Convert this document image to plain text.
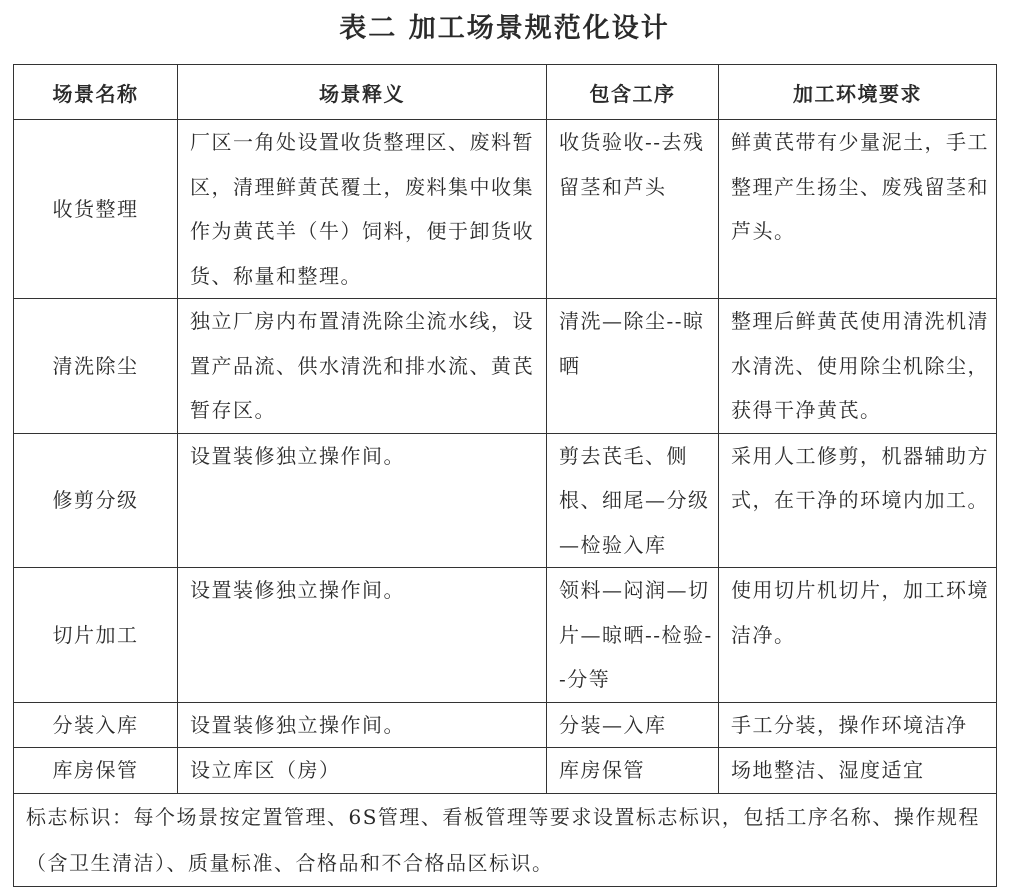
表二 加工场景规范化设计
场景名称	场景释义	包含工序	加工环境要求
收货整理	厂区一角处设置收货整理区、废料暂区，清理鲜黄芪覆土，废料集中收集作为黄芪羊（牛）饲料，便于卸货收货、称量和整理。	收货验收--去残留茎和芦头	鲜黄芪带有少量泥土，手工整理产生扬尘、废残留茎和芦头。
清洗除尘	独立厂房内布置清洗除尘流水线，设置产品流、供水清洗和排水流、黄芪暂存区。	清洗—除尘--晾晒	整理后鲜黄芪使用清洗机清水清洗、使用除尘机除尘，获得干净黄芪。
修剪分级	设置装修独立操作间。	剪去芪毛、侧根、细尾—分级—检验入库	采用人工修剪，机器辅助方式，在干净的环境内加工。
切片加工	设置装修独立操作间。	领料—闷润—切片—晾晒--检验--分等	使用切片机切片，加工环境洁净。
分装入库	设置装修独立操作间。	分装—入库	手工分装，操作环境洁净
库房保管	设立库区（房）	库房保管	场地整洁、湿度适宜
标志标识：每个场景按定置管理、6S管理、看板管理等要求设置标志标识，包括工序名称、操作规程（含卫生清洁）、质量标准、合格品和不合格品区标识。			
